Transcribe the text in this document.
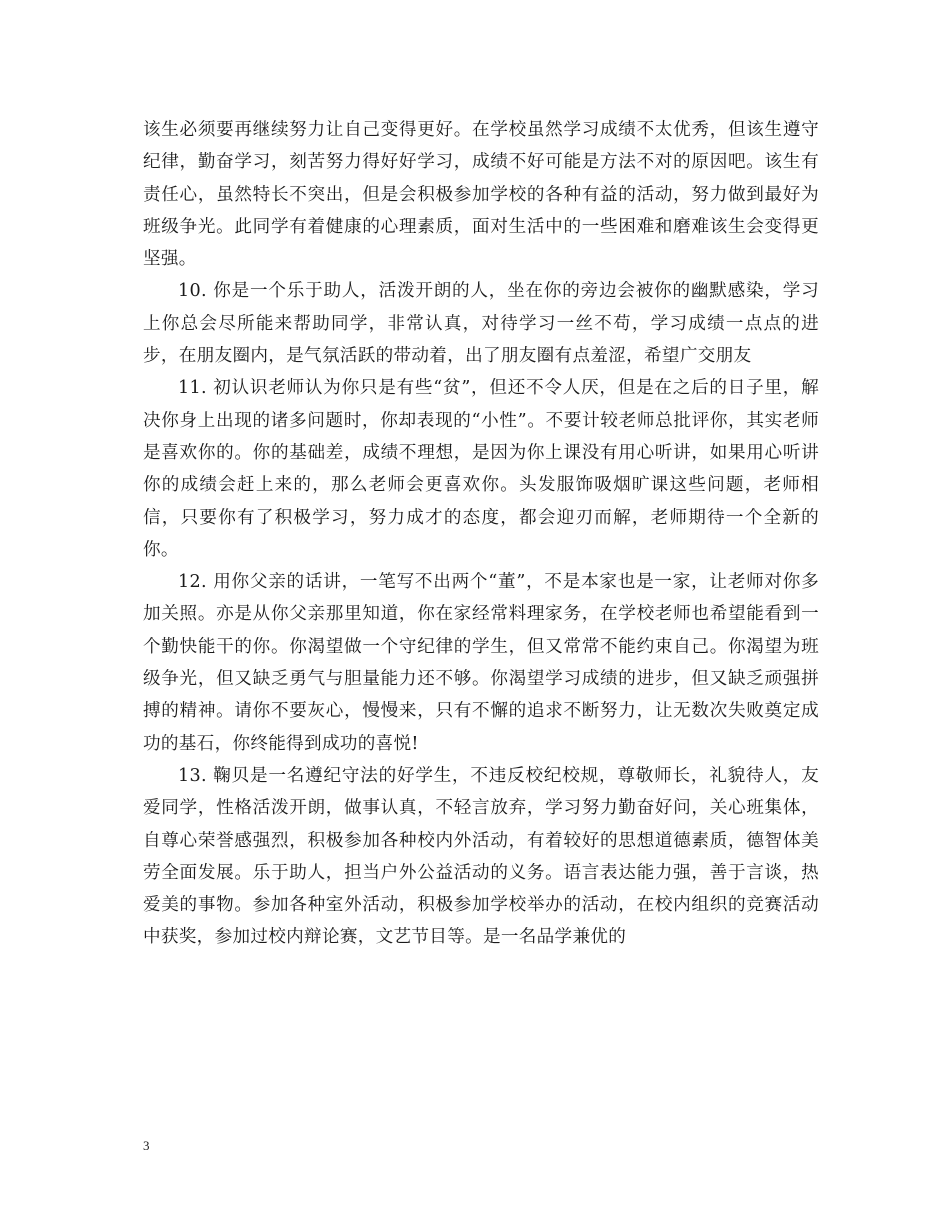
该生必须要再继续努力让自己变得更好。在学校虽然学习成绩不太优秀，但该生遵守纪律，勤奋学习，刻苦努力得好好学习，成绩不好可能是方法不对的原因吧。该生有责任心，虽然特长不突出，但是会积极参加学校的各种有益的活动，努力做到最好为班级争光。此同学有着健康的心理素质，面对生活中的一些困难和磨难该生会变得更坚强。

10. 你是一个乐于助人，活泼开朗的人，坐在你的旁边会被你的幽默感染，学习上你总会尽所能来帮助同学，非常认真，对待学习一丝不苟，学习成绩一点点的进步，在朋友圈内，是气氛活跃的带动着，出了朋友圈有点羞涩，希望广交朋友

11. 初认识老师认为你只是有些“贫”，但还不令人厌，但是在之后的日子里，解决你身上出现的诸多问题时，你却表现的“小性”。不要计较老师总批评你，其实老师是喜欢你的。你的基础差，成绩不理想，是因为你上课没有用心听讲，如果用心听讲你的成绩会赶上来的，那么老师会更喜欢你。头发服饰吸烟旷课这些问题，老师相信，只要你有了积极学习，努力成才的态度，都会迎刃而解，老师期待一个全新的你。

12. 用你父亲的话讲，一笔写不出两个“董”，不是本家也是一家，让老师对你多加关照。亦是从你父亲那里知道，你在家经常料理家务，在学校老师也希望能看到一个勤快能干的你。你渴望做一个守纪律的学生，但又常常不能约束自己。你渴望为班级争光，但又缺乏勇气与胆量能力还不够。你渴望学习成绩的进步，但又缺乏顽强拼搏的精神。请你不要灰心，慢慢来，只有不懈的追求不断努力，让无数次失败奠定成功的基石，你终能得到成功的喜悦!

13. 鞠贝是一名遵纪守法的好学生，不违反校纪校规，尊敬师长，礼貌待人，友爱同学，性格活泼开朗，做事认真，不轻言放弃，学习努力勤奋好问，关心班集体，自尊心荣誉感强烈，积极参加各种校内外活动，有着较好的思想道德素质，德智体美劳全面发展。乐于助人，担当户外公益活动的义务。语言表达能力强，善于言谈，热爱美的事物。参加各种室外活动，积极参加学校举办的活动，在校内组织的竞赛活动中获奖，参加过校内辩论赛，文艺节目等。是一名品学兼优的

3
